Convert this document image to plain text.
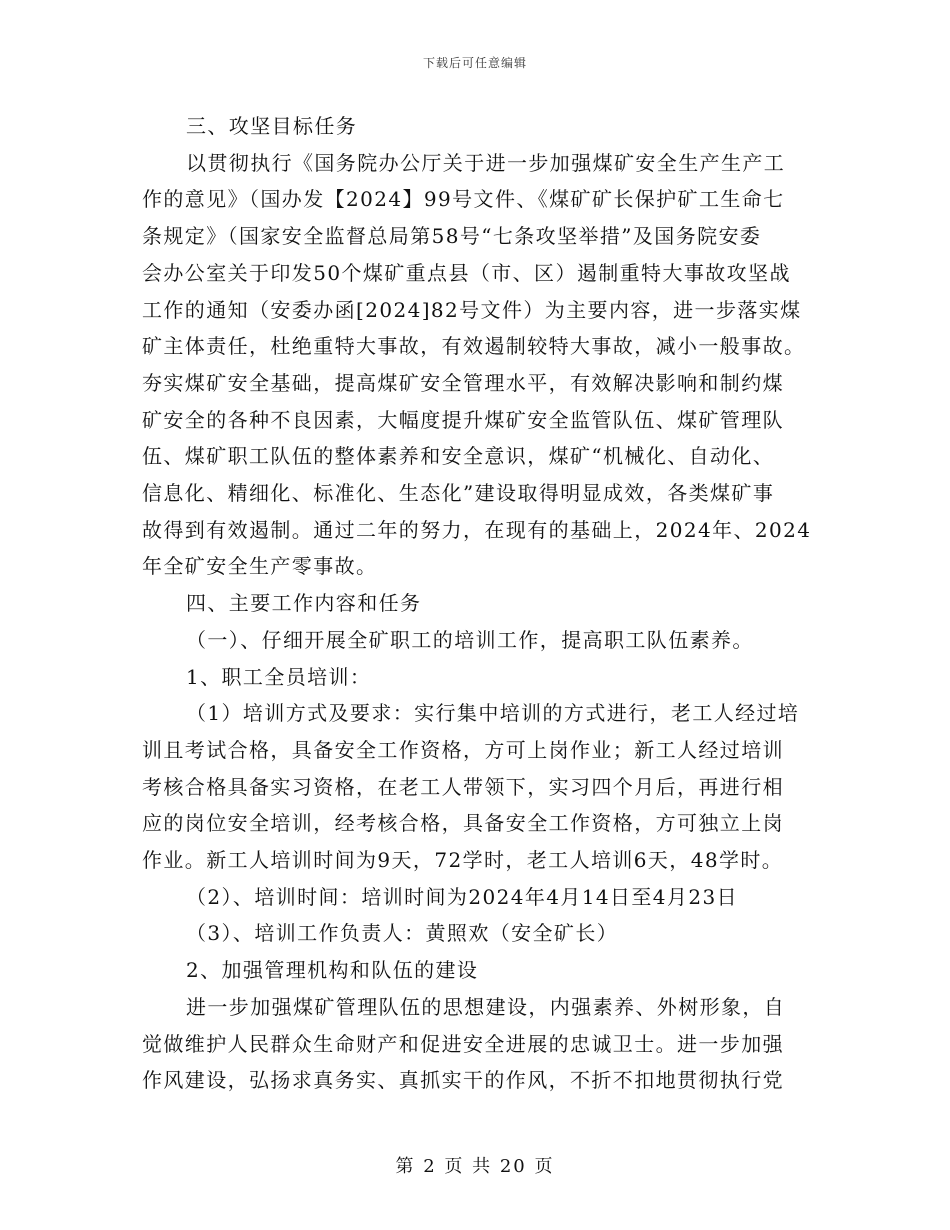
下载后可任意编辑

三、攻坚目标任务

以贯彻执行《国务院办公厅关于进一步加强煤矿安全生产生产工

作的意见》（国办发【2024】99号文件、《煤矿矿长保护矿工生命七

条规定》（国家安全监督总局第58号“七条攻坚举措”及国务院安委

会办公室关于印发50个煤矿重点县（市、区）遏制重特大事故攻坚战

工作的通知（安委办函[2024]82号文件）为主要内容，进一步落实煤

矿主体责任，杜绝重特大事故，有效遏制较特大事故，减小一般事故。

夯实煤矿安全基础，提高煤矿安全管理水平，有效解决影响和制约煤

矿安全的各种不良因素，大幅度提升煤矿安全监管队伍、煤矿管理队

伍、煤矿职工队伍的整体素养和安全意识，煤矿“机械化、自动化、

信息化、精细化、标准化、生态化”建设取得明显成效，各类煤矿事

故得到有效遏制。通过二年的努力，在现有的基础上，2024年、2024

年全矿安全生产零事故。

四、主要工作内容和任务

（一）、仔细开展全矿职工的培训工作，提高职工队伍素养。

1、职工全员培训：

（1）培训方式及要求：实行集中培训的方式进行，老工人经过培

训且考试合格，具备安全工作资格，方可上岗作业；新工人经过培训

考核合格具备实习资格，在老工人带领下，实习四个月后，再进行相

应的岗位安全培训，经考核合格，具备安全工作资格，方可独立上岗

作业。新工人培训时间为9天，72学时，老工人培训6天，48学时。

（2）、培训时间：培训时间为2024年4月14日至4月23日

（3）、培训工作负责人：黄照欢（安全矿长）

2、加强管理机构和队伍的建设

进一步加强煤矿管理队伍的思想建设，内强素养、外树形象，自

觉做维护人民群众生命财产和促进安全进展的忠诚卫士。进一步加强

作风建设，弘扬求真务实、真抓实干的作风，不折不扣地贯彻执行党

第 2 页 共 20 页
